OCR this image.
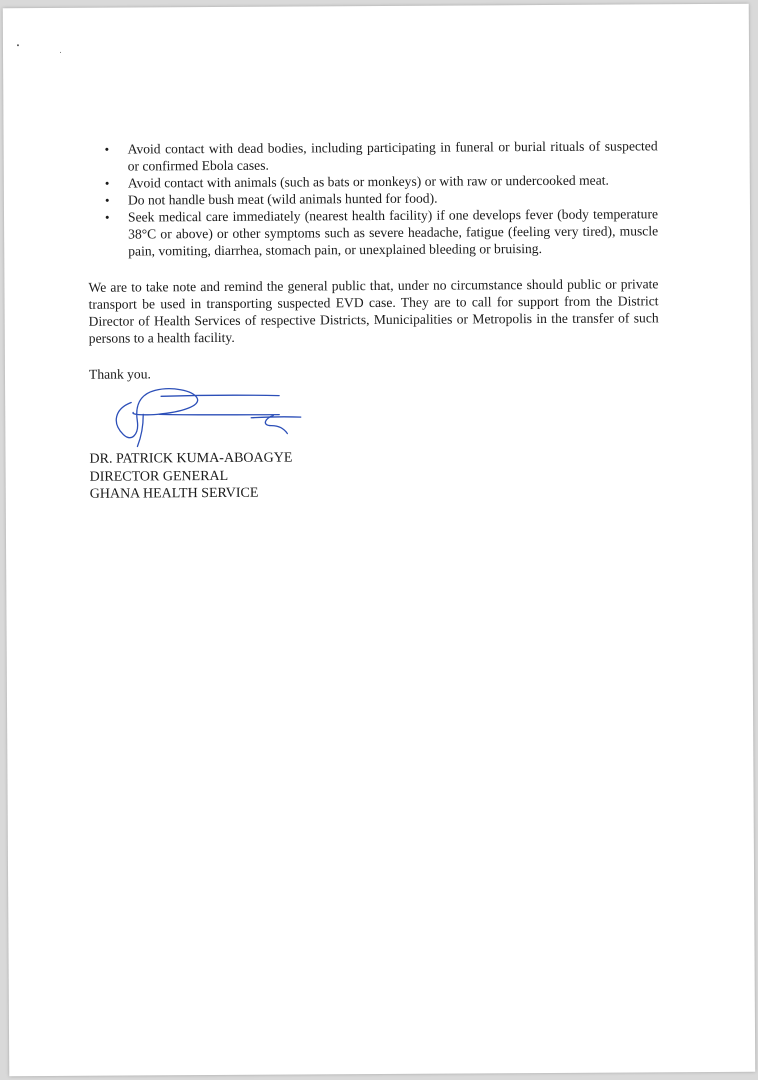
• Avoid contact with dead bodies, including participating in funeral or burial rituals of suspected or confirmed Ebola cases.
• Avoid contact with animals (such as bats or monkeys) or with raw or undercooked meat.
• Do not handle bush meat (wild animals hunted for food).
• Seek medical care immediately (nearest health facility) if one develops fever (body temperature 38°C or above) or other symptoms such as severe headache, fatigue (feeling very tired), muscle pain, vomiting, diarrhea, stomach pain, or unexplained bleeding or bruising.

We are to take note and remind the general public that, under no circumstance should public or private transport be used in transporting suspected EVD case. They are to call for support from the District Director of Health Services of respective Districts, Municipalities or Metropolis in the transfer of such persons to a health facility.

Thank you.

DR. PATRICK KUMA-ABOAGYE
DIRECTOR GENERAL
GHANA HEALTH SERVICE
